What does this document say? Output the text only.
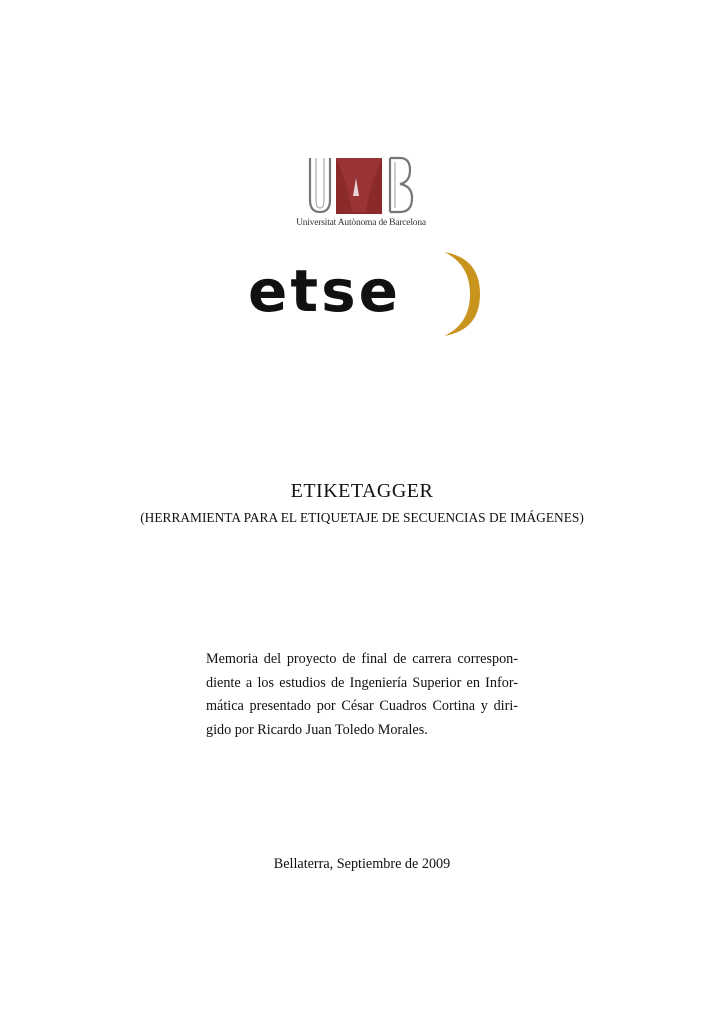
Universitat Autònoma de Barcelona
etse
ETIKETAGGER
(HERRAMIENTA PARA EL ETIQUETAJE DE SECUENCIAS DE IMÁGENES)
Memoria del proyecto de final de carrera correspon-
diente a los estudios de Ingeniería Superior en Infor-
mática presentado por César Cuadros Cortina y diri-
gido por Ricardo Juan Toledo Morales.
Bellaterra, Septiembre de 2009
